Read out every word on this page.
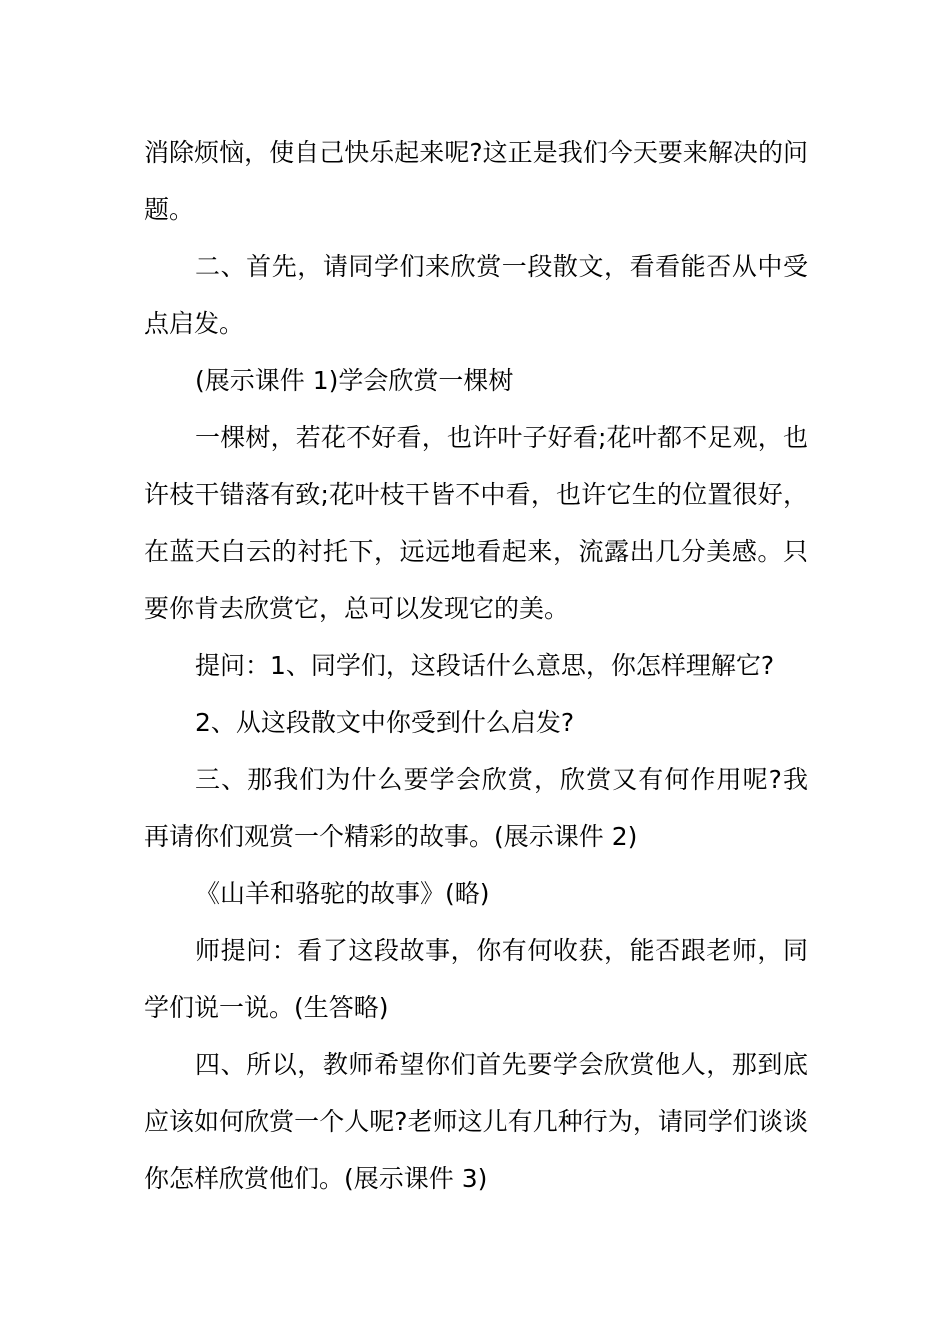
消除烦恼，使自己快乐起来呢?这正是我们今天要来解决的问题。

二、首先，请同学们来欣赏一段散文，看看能否从中受点启发。

(展示课件 1)学会欣赏一棵树

一棵树，若花不好看，也许叶子好看;花叶都不足观，也许枝干错落有致;花叶枝干皆不中看，也许它生的位置很好，在蓝天白云的衬托下，远远地看起来，流露出几分美感。只要你肯去欣赏它，总可以发现它的美。

提问：1、同学们，这段话什么意思，你怎样理解它?

2、从这段散文中你受到什么启发?

三、那我们为什么要学会欣赏，欣赏又有何作用呢?我再请你们观赏一个精彩的故事。(展示课件 2)

《山羊和骆驼的故事》(略)

师提问：看了这段故事，你有何收获，能否跟老师，同学们说一说。(生答略)

四、所以，教师希望你们首先要学会欣赏他人，那到底应该如何欣赏一个人呢?老师这儿有几种行为，请同学们谈谈你怎样欣赏他们。(展示课件 3)
